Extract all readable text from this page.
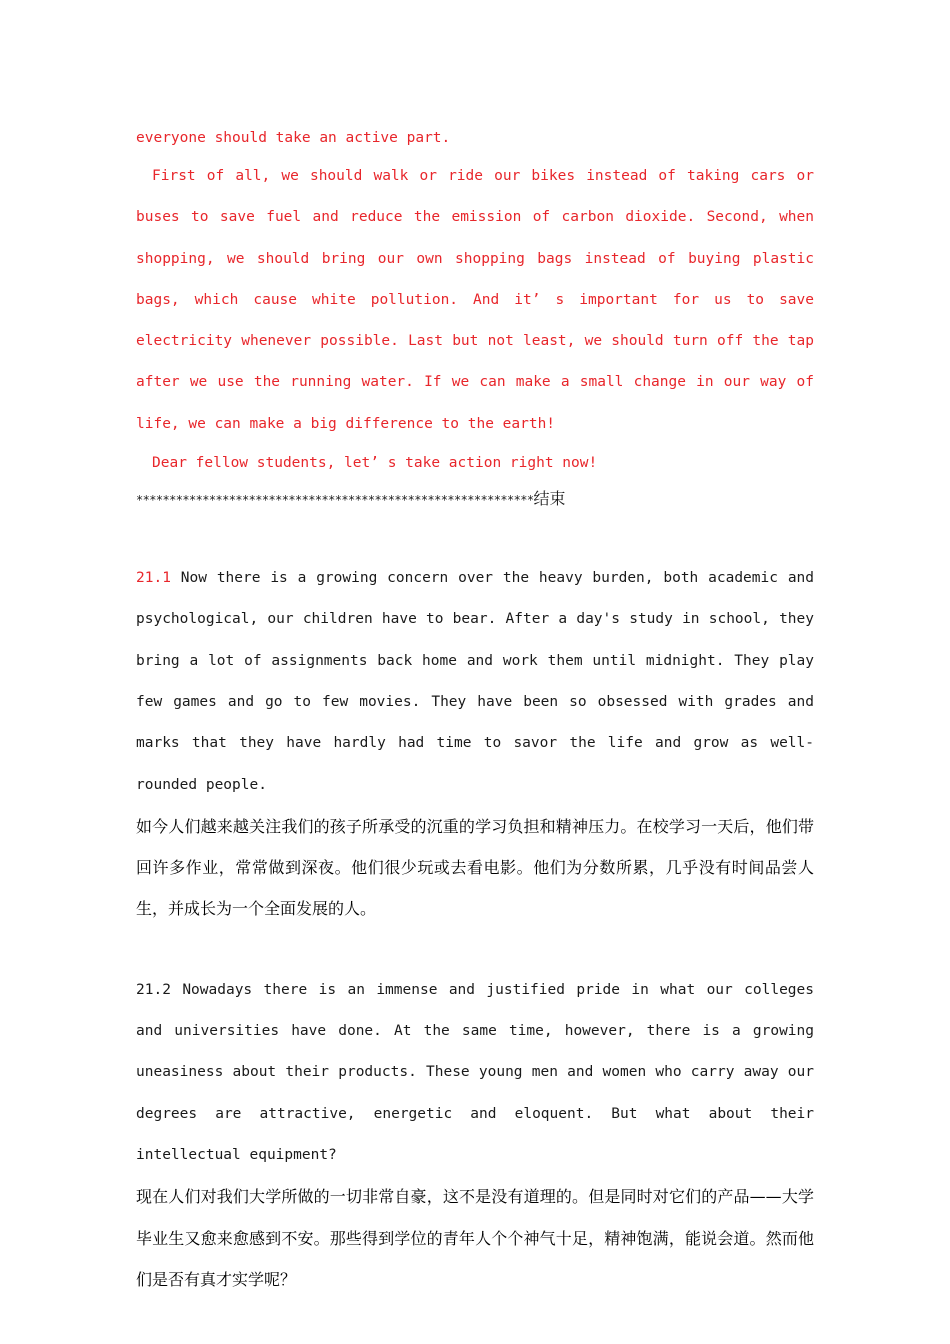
everyone should take an active part.

First of all, we should walk or ride our bikes instead of taking cars or buses to save fuel and reduce the emission of carbon dioxide. Second, when shopping, we should bring our own shopping bags instead of buying plastic bags, which cause white pollution. And it’ s important for us to save electricity whenever possible. Last but not least, we should turn off the tap after we use the running water. If we can make a small change in our way of life, we can make a big difference to the earth!

Dear fellow students, let’ s take action right now!

************************************************************结束

21.1 Now there is a growing concern over the heavy burden, both academic and psychological, our children have to bear. After a day's study in school, they bring a lot of assignments back home and work them until midnight. They play few games and go to few movies. They have been so obsessed with grades and marks that they have hardly had time to savor the life and grow as well-rounded people.

如今人们越来越关注我们的孩子所承受的沉重的学习负担和精神压力。在校学习一天后，他们带回许多作业，常常做到深夜。他们很少玩或去看电影。他们为分数所累，几乎没有时间品尝人生，并成长为一个全面发展的人。

21.2 Nowadays there is an immense and justified pride in what our colleges and universities have done. At the same time, however, there is a growing uneasiness about their products. These young men and women who carry away our degrees are attractive, energetic and eloquent. But what about their intellectual equipment?

现在人们对我们大学所做的一切非常自豪，这不是没有道理的。但是同时对它们的产品——大学毕业生又愈来愈感到不安。那些得到学位的青年人个个神气十足，精神饱满，能说会道。然而他们是否有真才实学呢？
